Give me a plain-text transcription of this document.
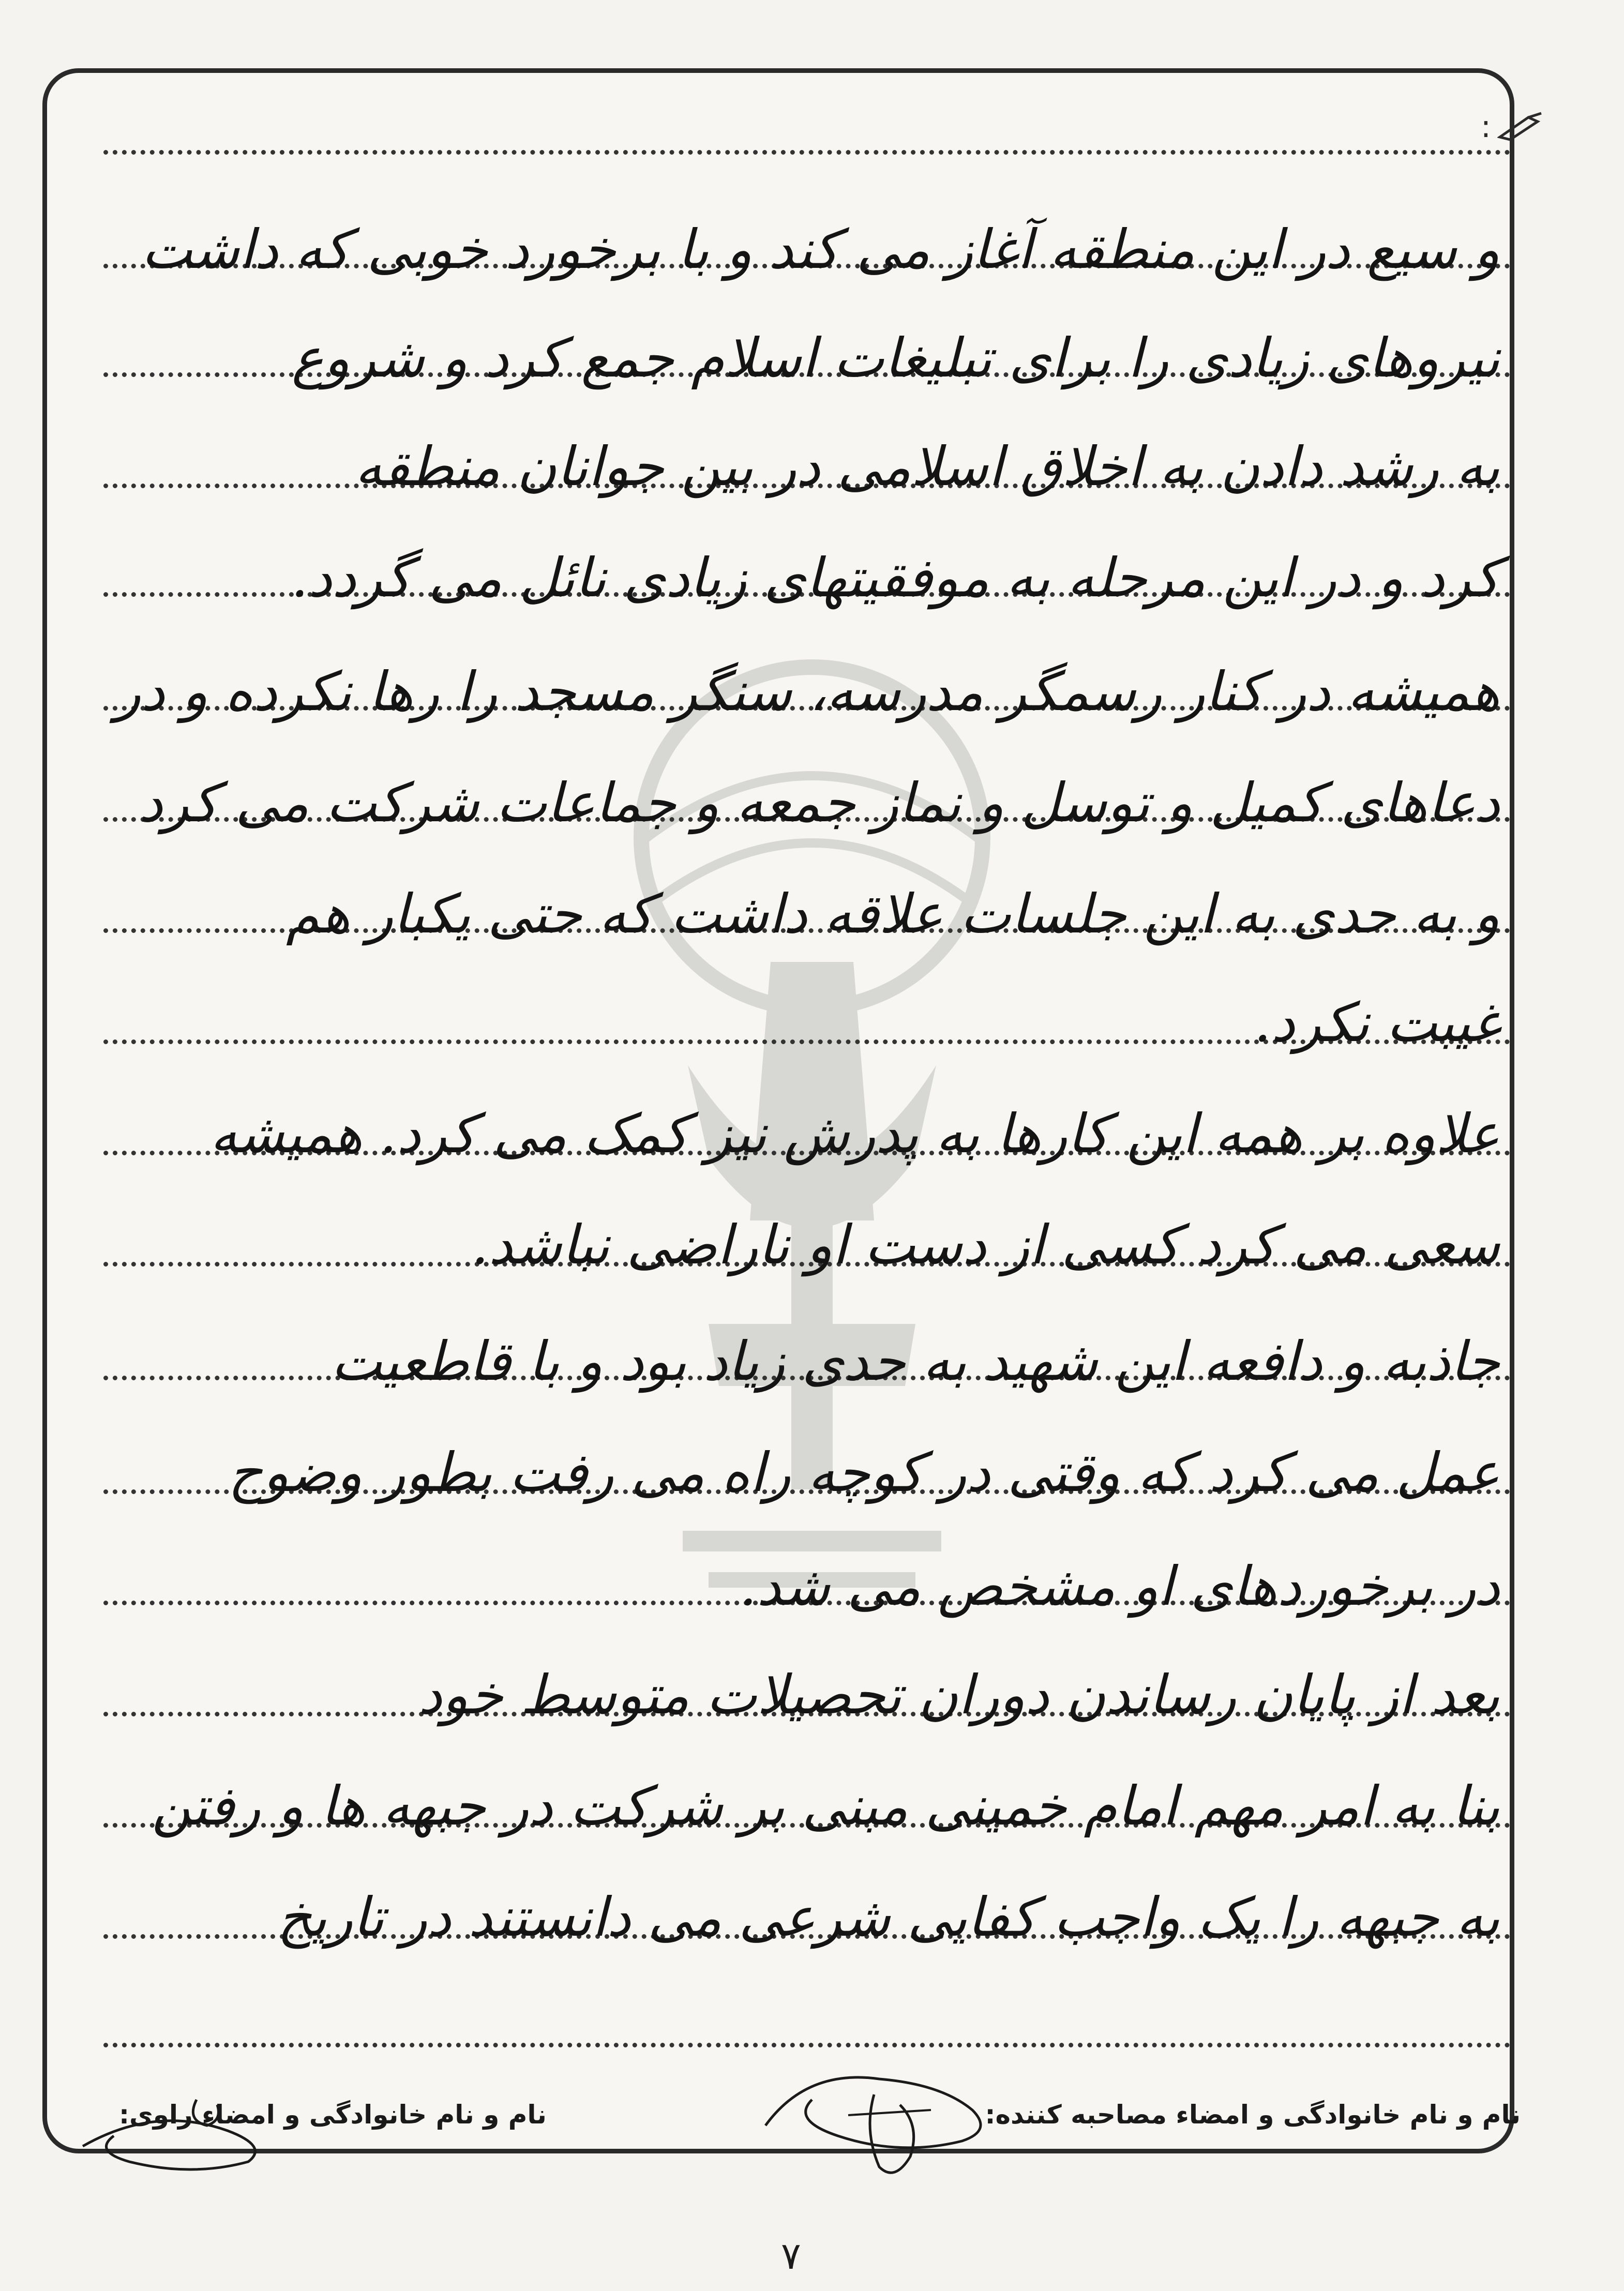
:
و سیع در این منطقه آغاز می کند و با برخورد خوبی که داشت
نیروهای زیادی را برای تبلیغات اسلام جمع کرد و شروع
به رشد دادن به اخلاق اسلامی در بین جوانان منطقه
کرد و در این مرحله به موفقیتهای زیادی نائل می گردد.
همیشه در کنار رسمگر مدرسه، سنگر مسجد را رها نکرده و در
دعاهای کمیل و توسل و نماز جمعه و جماعات شرکت می کرد
و به حدی به این جلسات علاقه داشت که حتی یکبار هم
غیبت نکرد.
علاوه بر همه این کارها به پدرش نیز کمک می کرد. همیشه
سعی می کرد کسی از دست او ناراضی نباشد.
جاذبه و دافعه این شهید به حدی زیاد بود و با قاطعیت
عمل می کرد که وقتی در کوچه راه می رفت بطور وضوح
در برخوردهای او مشخص می شد.
بعد از پایان رساندن دوران تحصیلات متوسط خود
بنا به امر مهم امام خمینی مبنی بر شرکت در جبهه ها و رفتن
به جبهه را یک واجب کفایی شرعی می دانستند در تاریخ
نام و نام خانوادگی و امضاء مصاحبه کننده:
نام و نام خانوادگی و امضاء راوی:
۷
